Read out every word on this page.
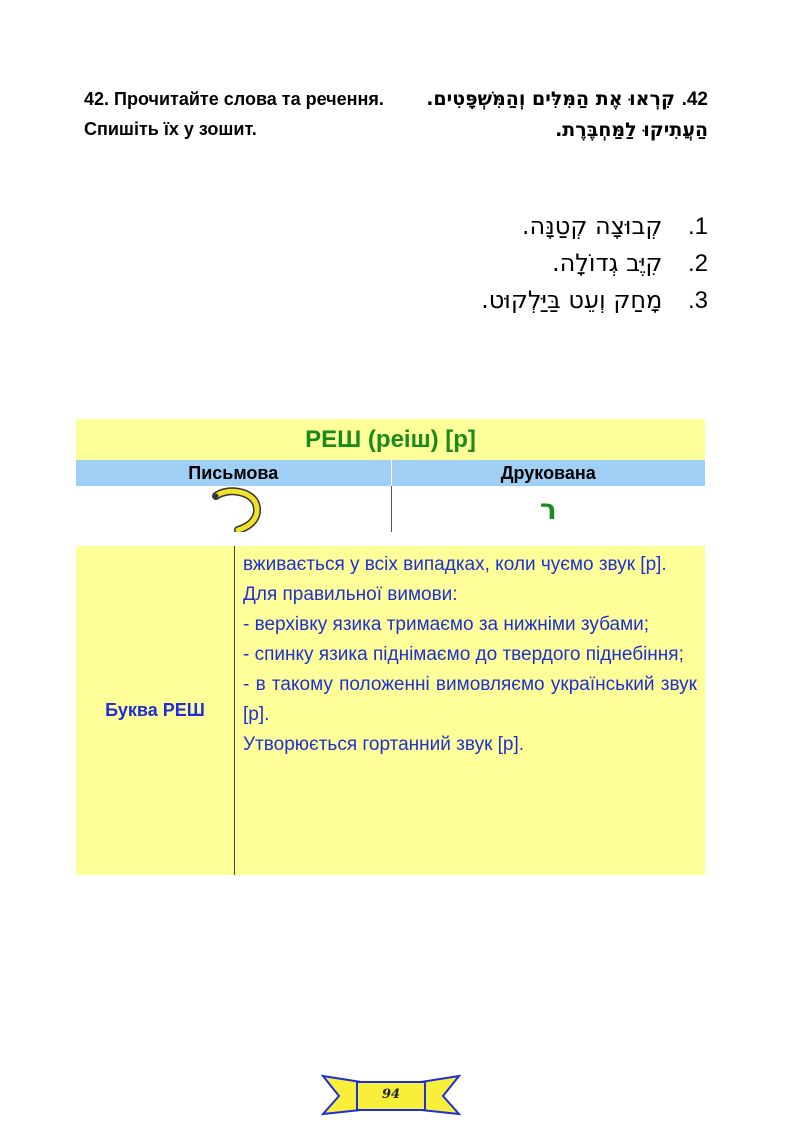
42. Прочитайте слова та речення. Спишіть їх у зошит.
42. קִרְאוּ אֶת הַמִּלִּים וְהַמִּשְׁפָּטִים. הַעֲתִיקוּ לַמַּחְבֶּרֶת.
1. קְבוּצָה קְטַנָּה.
2. קִיֶּב גְדוֹלָה.
3. מָחַק וְעֵט בַּיַּלְקוּט.
РЕШ (реіш) [р]
Письмова	Друкована
ר
Буква РЕШ

вживається у всіх випадках, коли чуємо звук [р].

Для правильної вимови:

- верхівку язика тримаємо за нижніми зубами;

- спинку язика піднімаємо до твердого піднебіння;

- в такому положенні вимовляємо український звук [р].

Утворюється гортанний звук [р].

94
